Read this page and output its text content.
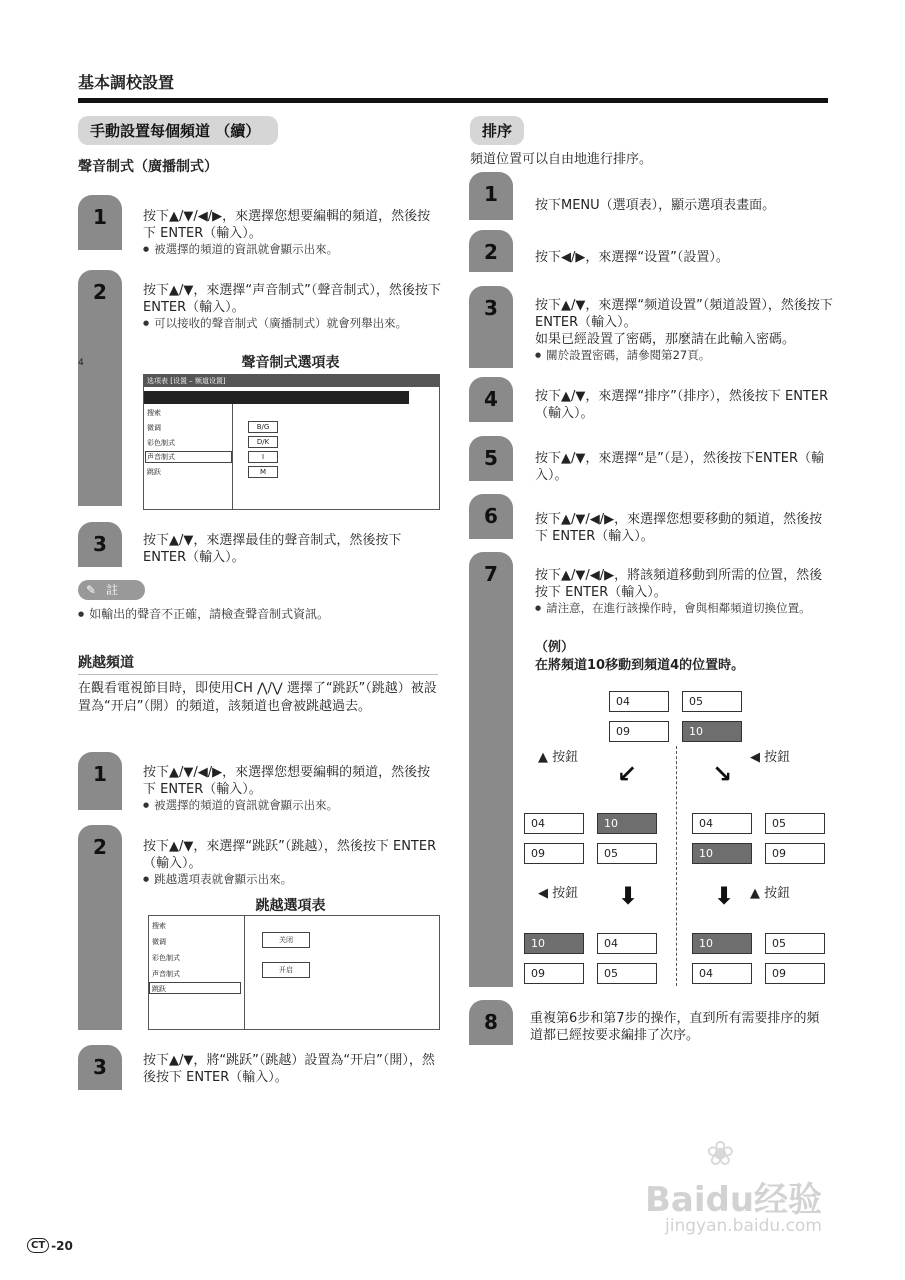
基本調校設置
手動設置每個頻道 （續）
聲音制式（廣播制式）
1	按下▲/▼/◀/▶，來選擇您想要編輯的頻道，然後按下 ENTER（輸入）。
● 被選擇的頻道的資訊就會顯示出來。
2
4
按下▲/▼，來選擇“声音制式”（聲音制式），然後按下 ENTER（輸入）。
● 可以接收的聲音制式（廣播制式）就會列舉出來。
聲音制式選項表
选项表 [设置 – 频道设置]
搜索
微调
彩色制式
声音制式
跳跃
B/G
D/K
I
M
3	按下▲/▼，來選擇最佳的聲音制式，然後按下 ENTER（輸入）。
✎ 註
● 如輸出的聲音不正確，請檢查聲音制式資訊。
跳越頻道
在觀看電視節目時，即使用CH ⋀/⋁ 選擇了“跳跃”（跳越）被設置為“开启”（開）的頻道，該頻道也會被跳越過去。
1	按下▲/▼/◀/▶，來選擇您想要編輯的頻道，然後按下 ENTER（輸入）。
● 被選擇的頻道的資訊就會顯示出來。
2	按下▲/▼，來選擇“跳跃”（跳越），然後按下 ENTER（輸入）。
● 跳越選項表就會顯示出來。
跳越選項表
搜索
微调
彩色制式
声音制式
跳跃
关闭
开启
3	按下▲/▼，將“跳跃”（跳越）設置為“开启”（開），然後按下 ENTER（輸入）。
排序
頻道位置可以自由地進行排序。
1	按下MENU（選項表），顯示選項表畫面。
2	按下◀/▶，來選擇“设置”（設置）。
3	按下▲/▼，來選擇“频道设置”（頻道設置），然後按下 ENTER（輸入）。
如果已經設置了密碼，那麼請在此輸入密碼。
● 關於設置密碼，請參閱第27頁。
4	按下▲/▼，來選擇“排序”（排序），然後按下 ENTER（輸入）。
5	按下▲/▼，來選擇“是”（是），然後按下ENTER（輸入）。
6	按下▲/▼/◀/▶，來選擇您想要移動的頻道，然後按下 ENTER（輸入）。
7	按下▲/▼/◀/▶，將該頻道移動到所需的位置，然後按下 ENTER（輸入）。
● 請注意，在進行該操作時，會與相鄰頻道切換位置。
（例）
在將頻道10移動到頻道4的位置時。
04	05
09	10
▲ 按鈕	◀ 按鈕
↙	↘
04	10
09	05
04	05
10	09
◀ 按鈕 ⬇	⬇ ▲ 按鈕
10	04
09	05
10	05
04	09
8	重複第6步和第7步的操作，直到所有需要排序的頻道都已經按要求編排了次序。
CT -20
❀
Baidu经验
jingyan.baidu.com
